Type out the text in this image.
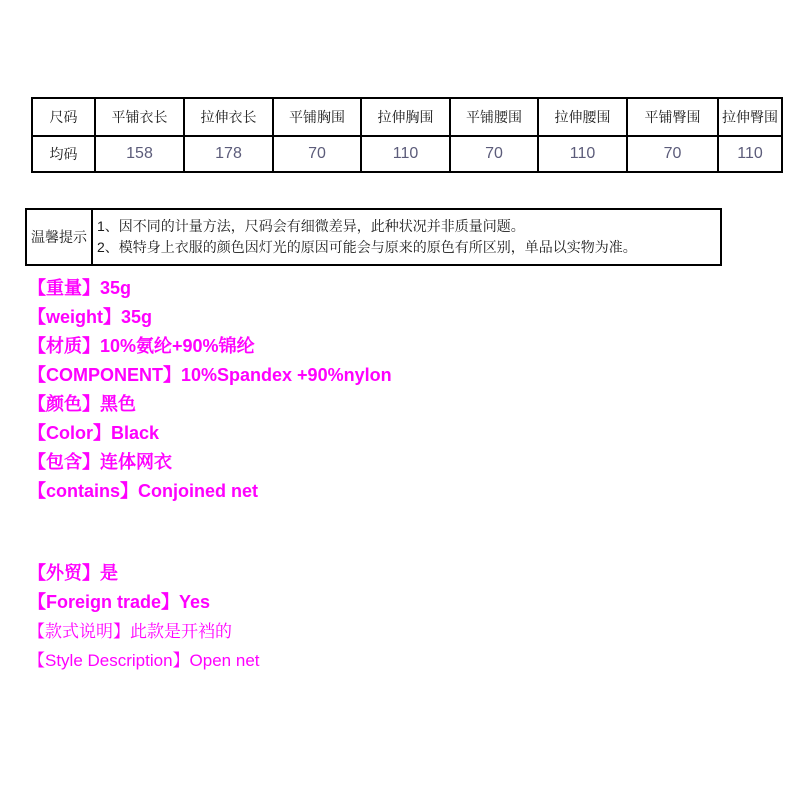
尺码	平铺衣长	拉伸衣长	平铺胸围	拉伸胸围	平铺腰围	拉伸腰围	平铺臀围	拉伸臀围
均码	158	178	70	110	70	110	70	110
温馨提示
1、因不同的计量方法，尺码会有细微差异，此种状况并非质量问题。
2、模特身上衣服的颜色因灯光的原因可能会与原来的原色有所区别，单品以实物为准。
【重量】35g
【weight】35g
【材质】10%氨纶+90%锦纶
【COMPONENT】10%Spandex +90%nylon
【颜色】黑色
【Color】Black
【包含】连体网衣
【contains】Conjoined net
【外贸】是
【Foreign trade】Yes
【款式说明】此款是开裆的
【Style Description】Open net
